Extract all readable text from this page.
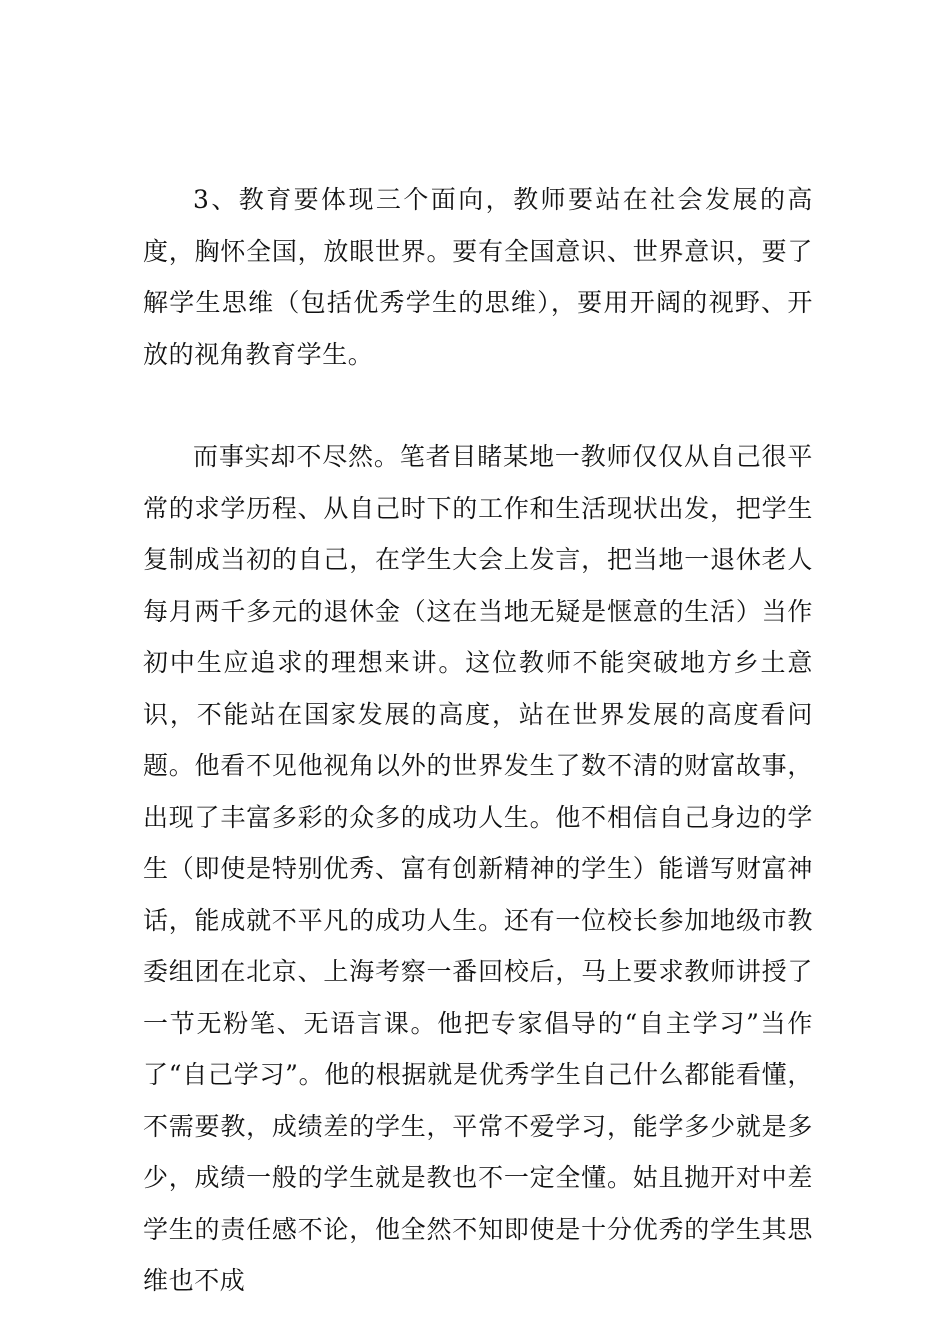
3、教育要体现三个面向，教师要站在社会发展的高度，胸怀全国，放眼世界。要有全国意识、世界意识，要了解学生思维（包括优秀学生的思维），要用开阔的视野、开放的视角教育学生。

而事实却不尽然。笔者目睹某地一教师仅仅从自己很平常的求学历程、从自己时下的工作和生活现状出发，把学生复制成当初的自己，在学生大会上发言，把当地一退休老人每月两千多元的退休金（这在当地无疑是惬意的生活）当作初中生应追求的理想来讲。这位教师不能突破地方乡土意识，不能站在国家发展的高度，站在世界发展的高度看问题。他看不见他视角以外的世界发生了数不清的财富故事，出现了丰富多彩的众多的成功人生。他不相信自己身边的学生（即使是特别优秀、富有创新精神的学生）能谱写财富神话，能成就不平凡的成功人生。还有一位校长参加地级市教委组团在北京、上海考察一番回校后，马上要求教师讲授了一节无粉笔、无语言课。他把专家倡导的“自主学习”当作了“自己学习”。他的根据就是优秀学生自己什么都能看懂，不需要教，成绩差的学生，平常不爱学习，能学多少就是多少，成绩一般的学生就是教也不一定全懂。姑且抛开对中差学生的责任感不论，他全然不知即使是十分优秀的学生其思维也不成
